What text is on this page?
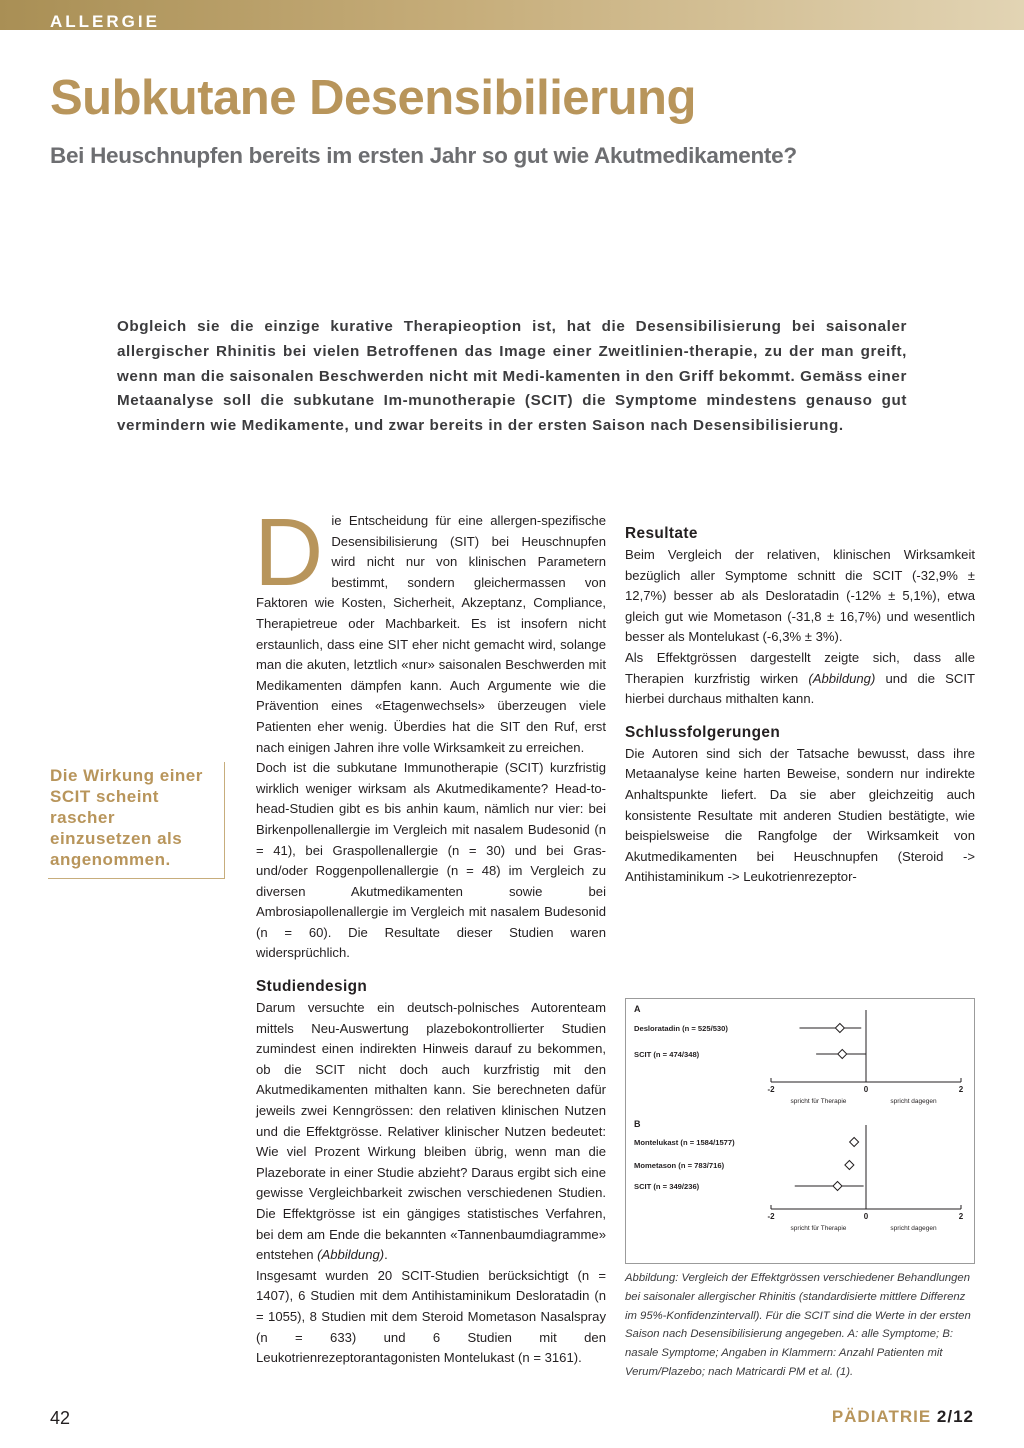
ALLERGIE
Subkutane Desensibilierung
Bei Heuschnupfen bereits im ersten Jahr so gut wie Akutmedikamente?

Obgleich sie die einzige kurative Therapieoption ist, hat die Desensibilisierung bei saisonaler allergischer Rhinitis bei vielen Betroffenen das Image einer Zweitlinien-therapie, zu der man greift, wenn man die saisonalen Beschwerden nicht mit Medi-kamenten in den Griff bekommt. Gemäss einer Metaanalyse soll die subkutane Im-munotherapie (SCIT) die Symptome mindestens genauso gut vermindern wie Medikamente, und zwar bereits in der ersten Saison nach Desensibilisierung.

Die Wirkung einer SCIT scheint rascher einzusetzen als angenommen.

Die Entscheidung für eine allergen-spezifische Desensibilisierung (SIT) bei Heuschnupfen wird nicht nur von klinischen Parametern bestimmt, sondern gleichermassen von Faktoren wie Kosten, Sicherheit, Akzeptanz, Compliance, Therapietreue oder Machbarkeit. Es ist insofern nicht erstaunlich, dass eine SIT eher nicht gemacht wird, solange man die akuten, letztlich «nur» saisonalen Beschwerden mit Medikamenten dämpfen kann. Auch Argumente wie die Prävention eines «Etagenwechsels» überzeugen viele Patienten eher wenig. Überdies hat die SIT den Ruf, erst nach einigen Jahren ihre volle Wirksamkeit zu erreichen.

Doch ist die subkutane Immunotherapie (SCIT) kurzfristig wirklich weniger wirksam als Akutmedikamente? Head-to-head-Studien gibt es bis anhin kaum, nämlich nur vier: bei Birkenpollenallergie im Vergleich mit nasalem Budesonid (n = 41), bei Graspollenallergie (n = 30) und bei Gras- und/oder Roggenpollenallergie (n = 48) im Vergleich zu diversen Akutmedikamenten sowie bei Ambrosiapollenallergie im Vergleich mit nasalem Budesonid (n = 60). Die Resultate dieser Studien waren widersprüchlich.

Studiendesign

Darum versuchte ein deutsch-polnisches Autorenteam mittels Neu-Auswertung plazebokontrollierter Studien zumindest einen indirekten Hinweis darauf zu bekommen, ob die SCIT nicht doch auch kurzfristig mit den Akutmedikamenten mithalten kann. Sie berechneten dafür jeweils zwei Kenngrössen: den relativen klinischen Nutzen und die Effektgrösse. Relativer klinischer Nutzen bedeutet: Wie viel Prozent Wirkung bleiben übrig, wenn man die Plazeborate in einer Studie abzieht? Daraus ergibt sich eine gewisse Vergleichbarkeit zwischen verschiedenen Studien. Die Effektgrösse ist ein gängiges statistisches Verfahren, bei dem am Ende die bekannten «Tannenbaumdiagramme» entstehen (Abbildung).

Insgesamt wurden 20 SCIT-Studien berücksichtigt (n = 1407), 6 Studien mit dem Antihistaminikum Desloratadin (n = 1055), 8 Studien mit dem Steroid Mometason Nasalspray (n = 633) und 6 Studien mit den Leukotrienrezeptorantagonisten Montelukast (n = 3161).

Resultate

Beim Vergleich der relativen, klinischen Wirksamkeit bezüglich aller Symptome schnitt die SCIT (-32,9% ± 12,7%) besser ab als Desloratadin (-12% ± 5,1%), etwa gleich gut wie Mometason (-31,8 ± 16,7%) und wesentlich besser als Montelukast (-6,3% ± 3%).

Als Effektgrössen dargestellt zeigte sich, dass alle Therapien kurzfristig wirken (Abbildung) und die SCIT hierbei durchaus mithalten kann.

Schlussfolgerungen

Die Autoren sind sich der Tatsache bewusst, dass ihre Metaanalyse keine harten Beweise, sondern nur indirekte Anhaltspunkte liefert. Da sie aber gleichzeitig auch konsistente Resultate mit anderen Studien bestätigte, wie beispielsweise die Rangfolge der Wirksamkeit von Akutmedikamenten bei Heuschnupfen (Steroid -> Antihistaminikum -> Leukotrienrezeptor-

A
-2	0	2
spricht für Therapie	spricht dagegen
Desloratadin (n = 525/530)
SCIT (n = 474/348)
B
-2	0	2
spricht für Therapie	spricht dagegen
Montelukast (n = 1584/1577)
Mometason (n = 783/716)
SCIT (n = 349/236)

Abbildung: Vergleich der Effektgrössen verschiedener Behandlungen bei saisonaler allergischer Rhinitis (standardisierte mittlere Differenz im 95%-Konfidenzintervall). Für die SCIT sind die Werte in der ersten Saison nach Desensibilisierung angegeben. A: alle Symptome; B: nasale Symptome; Angaben in Klammern: Anzahl Patienten mit Verum/Plazebo; nach Matricardi PM et al. (1).

42	PÄDIATRIE 2/12
